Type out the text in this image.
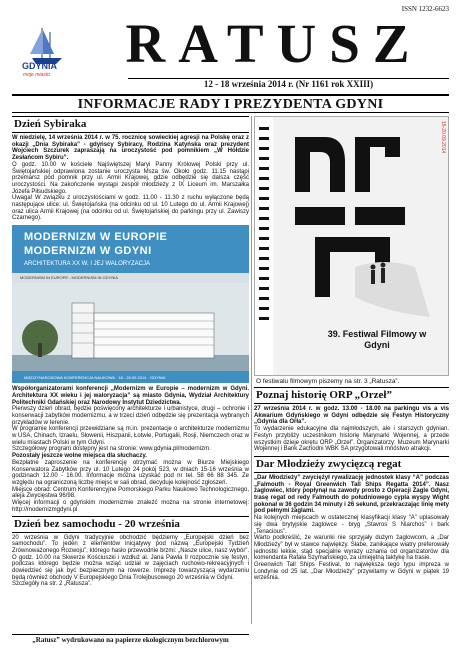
GDYNIA
moje miasto
ISSN 1232-6623
RATUSZ
12 - 18 września 2014 r. (Nr 1161 rok XXIII)
INFORMACJE RADY I PREZYDENTA GDYNI
Dzień Sybiraka

W niedzielę, 14 września 2014 r. w 75. rocznicę sowieckiej agresji na Polskę oraz z okazji „Dnia Sybiraka” - gdyńscy Sybiracy, Rodzina Katyńska oraz prezydent Wojciech Szczurek zapraszają na uroczystość pod pomnikiem „W Hołdzie Zesłańcom Sybiru”.

O godz. 10.00 w kościele Najświętszej Maryi Panny Królowej Polski przy ul. Świętojańskiej odprawiona zostanie uroczysta Msza św. Około godz. 11.15 nastąpi przemarsz pod pomnik przy ul. Armii Krajowej, gdzie odbędzie się dalsza część uroczystości. Na zakończenie wystąpi zespół młodzieży z IX Liceum im. Marszałka Józefa Piłsudskiego.

Uwaga! W związku z uroczystościami w godz. 11.00 - 11.30 z ruchu wyłączone będą następujące ulice: ul. Świętojańska (na odcinku od ul. 10 Lutego do ul. Armii Krajowej) oraz ulica Armii Krajowej (na odcinku od ul. Świętojańskiej do parkingu przy ul. Zawiszy Czarnego).

MODERNIZM W EUROPIE
MODERNIZM W GDYNI
ARCHITEKTURA XX W. I JEJ WALORYZACJA
MODERNISM IN EUROPE - MODERNISM IN GDYNIA
MIĘDZYNARODOWA KONFERENCJA NAUKOWA · 18 - 20.09.2014 · GDYNIA

Współorganizatorami konferencji „Modernizm w Europie – modernizm w Gdyni. Architektura XX wieku i jej waloryzacja” są miasto Gdynia, Wydział Architektury Politechniki Gdańskiej oraz Narodowy Instytut Dziedzictwa.

Pierwszy dzień obrad, będzie poświęcony architekturze i urbanistyce, drugi – ochronie i konserwacji zabytków modernizmu, a w trzeci dzień odbędzie się prezentacja wybranych przykładów w terenie.

W programie konferencji przewidziane są m.in. prezentacje o architekturze modernizmu w USA, Chinach, Izraelu, Słowenii, Hiszpanii, Łotwie, Portugalii, Rosji, Niemczech oraz w wielu miastach Polski w tym Gdyni.

Szczegółowy program dostępny jest na stronie: www.gdynia.pl/modernizm.

Pozostały jeszcze wolne miejsca dla słuchaczy.

Bezpłatne zaproszenie na konferencję otrzymać można w Biurze Miejskiego Konserwatora Zabytków przy ul. 10 Lutego 24 pokój 523, w dniach 15-16 września w godzinach 12.00 - 16.00. Informacje można uzyskać pod nr tel. 58 66 88 345. Ze względu na ograniczoną liczbę miejsc w sali obrad, decyduje kolejność zgłoszeń.

Miejsce obrad: Centrum Konferencyjne Pomorskiego Parku Naukowo Technologicznego, aleja Zwycięstwa 96/98.

Więcej informacji o gdyńskim modernizmie znaleźć można na stronie internetowej: http://modernizmgdyni.pl

Dzień bez samochodu - 20 września

20 września w Gdyni tradycyjnie obchodzić będziemy „Europejski dzień bez samochodu”. To jeden z elementów inicjatywy pod nazwą „Europejski Tydzień Zrównoważonego Rozwoju”, którego hasło przewodnie brzmi: „Nasze ulice, nasz wybór”. O godz. 10.00 na Skwerze Kościuszki i wzdłuż al. Jana Pawła II rozpocznie się festyn, podczas którego będzie można wziąć udział w zajęciach ruchowo-rekreacyjnych i dowiedzieć się jak być bezpiecznym na rowerze. Imprezę towarzyszącą wydarzeniu będą również obchody V Europejskiego Dnia Trolejbusowego 20 września w Gdyni.

Szczegóły na str. 2 „Ratusza”.

15-20.09.2014
39. Festiwal Filmowy w Gdyni
O festiwalu filmowym piszemy na str. 3 „Ratusza”.
Poznaj historię ORP „Orzeł”

27 września 2014 r. w godz. 13.00 - 18.00 na parkingu vis a vis Akwarium Gdyńskiego w Gdyni odbędzie się Festyn Historyczny „Gdynia dla Orła”.

To wydarzenie edukacyjne dla najmłodszych, ale i starszych gdynian. Festyn przybliży uczestnikom historię Marynarki Wojennej, a przede wszystkim dzieje okrętu ORP „Orzeł”. Organizatorzy: Muzeum Marynarki Wojennej i Bank Zachodni WBK SA przygotowali mnóstwo atrakcji.

Dar Młodzieży zwycięzcą regat

„Dar Młodzieży” zwyciężył rywalizację jednostek klasy “A” podczas „Falmouth - Royal Greenwich Tall Ships Regatta 2014”. Nasz żaglowiec, który popłynął na zawody prosto z Operacji Żagle Gdyni, trasę regat od redy Falmouth do południowego cypla wyspy Wight pokonał w 36 godzin 34 minuty i 26 sekund, przekraczając linię mety pod pełnymi żaglami.

Na kolejnych miejscach w ostatecznej klasyfikacji klasy “A” uplasowały się dwa brytyjskie żaglowce - bryg „Stavros S Niarchos” i bark „Tenacious”.

Warto podkreślić, że warunki nie sprzyjały dużym żaglowcom, a „Dar Młodzieży” był w stawce najwiękzy. Słabe, zanikające wiatry preferowały jednostki lekkie, stąd specjalne wyrazy uznania od organizatorów dla komendanta Rafała Szymańskiego, za umiejętną taktykę na trasie.

Greenwich Tall Ships Festival, to największa tego typu impreza w Londynie od 25 lat. „Dar Młodzieży” przywitamy w Gdyni w piątek 19 września.

„Ratusz” wydrukowano na papierze ekologicznym bezchlorowym
